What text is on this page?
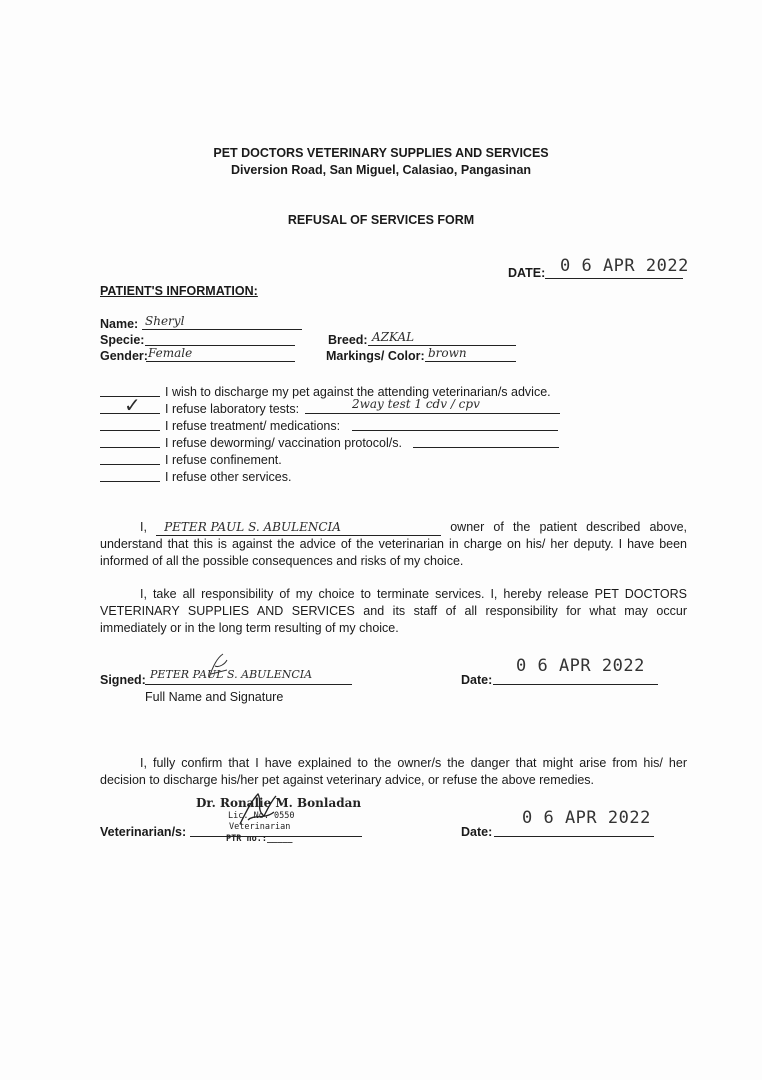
PET DOCTORS VETERINARY SUPPLIES AND SERVICES
Diversion Road, San Miguel, Calasiao, Pangasinan
REFUSAL OF SERVICES FORM
DATE: 0 6 APR 2022
PATIENT'S INFORMATION:
Name: Sheryl
Specie:
Gender: Female
Breed: AZKAL
Markings/ Color: brown
I wish to discharge my pet against the attending veterinarian/s advice.
✓ I refuse laboratory tests:	2way test 1 cdv / cpv
I refuse treatment/ medications:
I refuse deworming/ vaccination protocol/s.
I refuse confinement.
I refuse other services.
I, PETER PAUL S. ABULENCIA	owner of the patient described above, understand that this is against the advice of the veterinarian in charge on his/ her deputy. I have been informed of all the possible consequences and risks of my choice.
I, take all responsibility of my choice to terminate services. I, hereby release PET DOCTORS VETERINARY SUPPLIES AND SERVICES and its staff of all responsibility for what may occur immediately or in the long term resulting of my choice.
Signed: PETER PAUL S. ABULENCIA
Full Name and Signature
Date:
0 6 APR 2022
I, fully confirm that I have explained to the owner/s the danger that might arise from his/ her decision to discharge his/her pet against veterinary advice, or refuse the above remedies.
Veterinarian/s:
Dr. Ronalie M. Bonladan
Lic. No. 0550
Veterinarian
PTR no.:_____	Date:
0 6 APR 2022
